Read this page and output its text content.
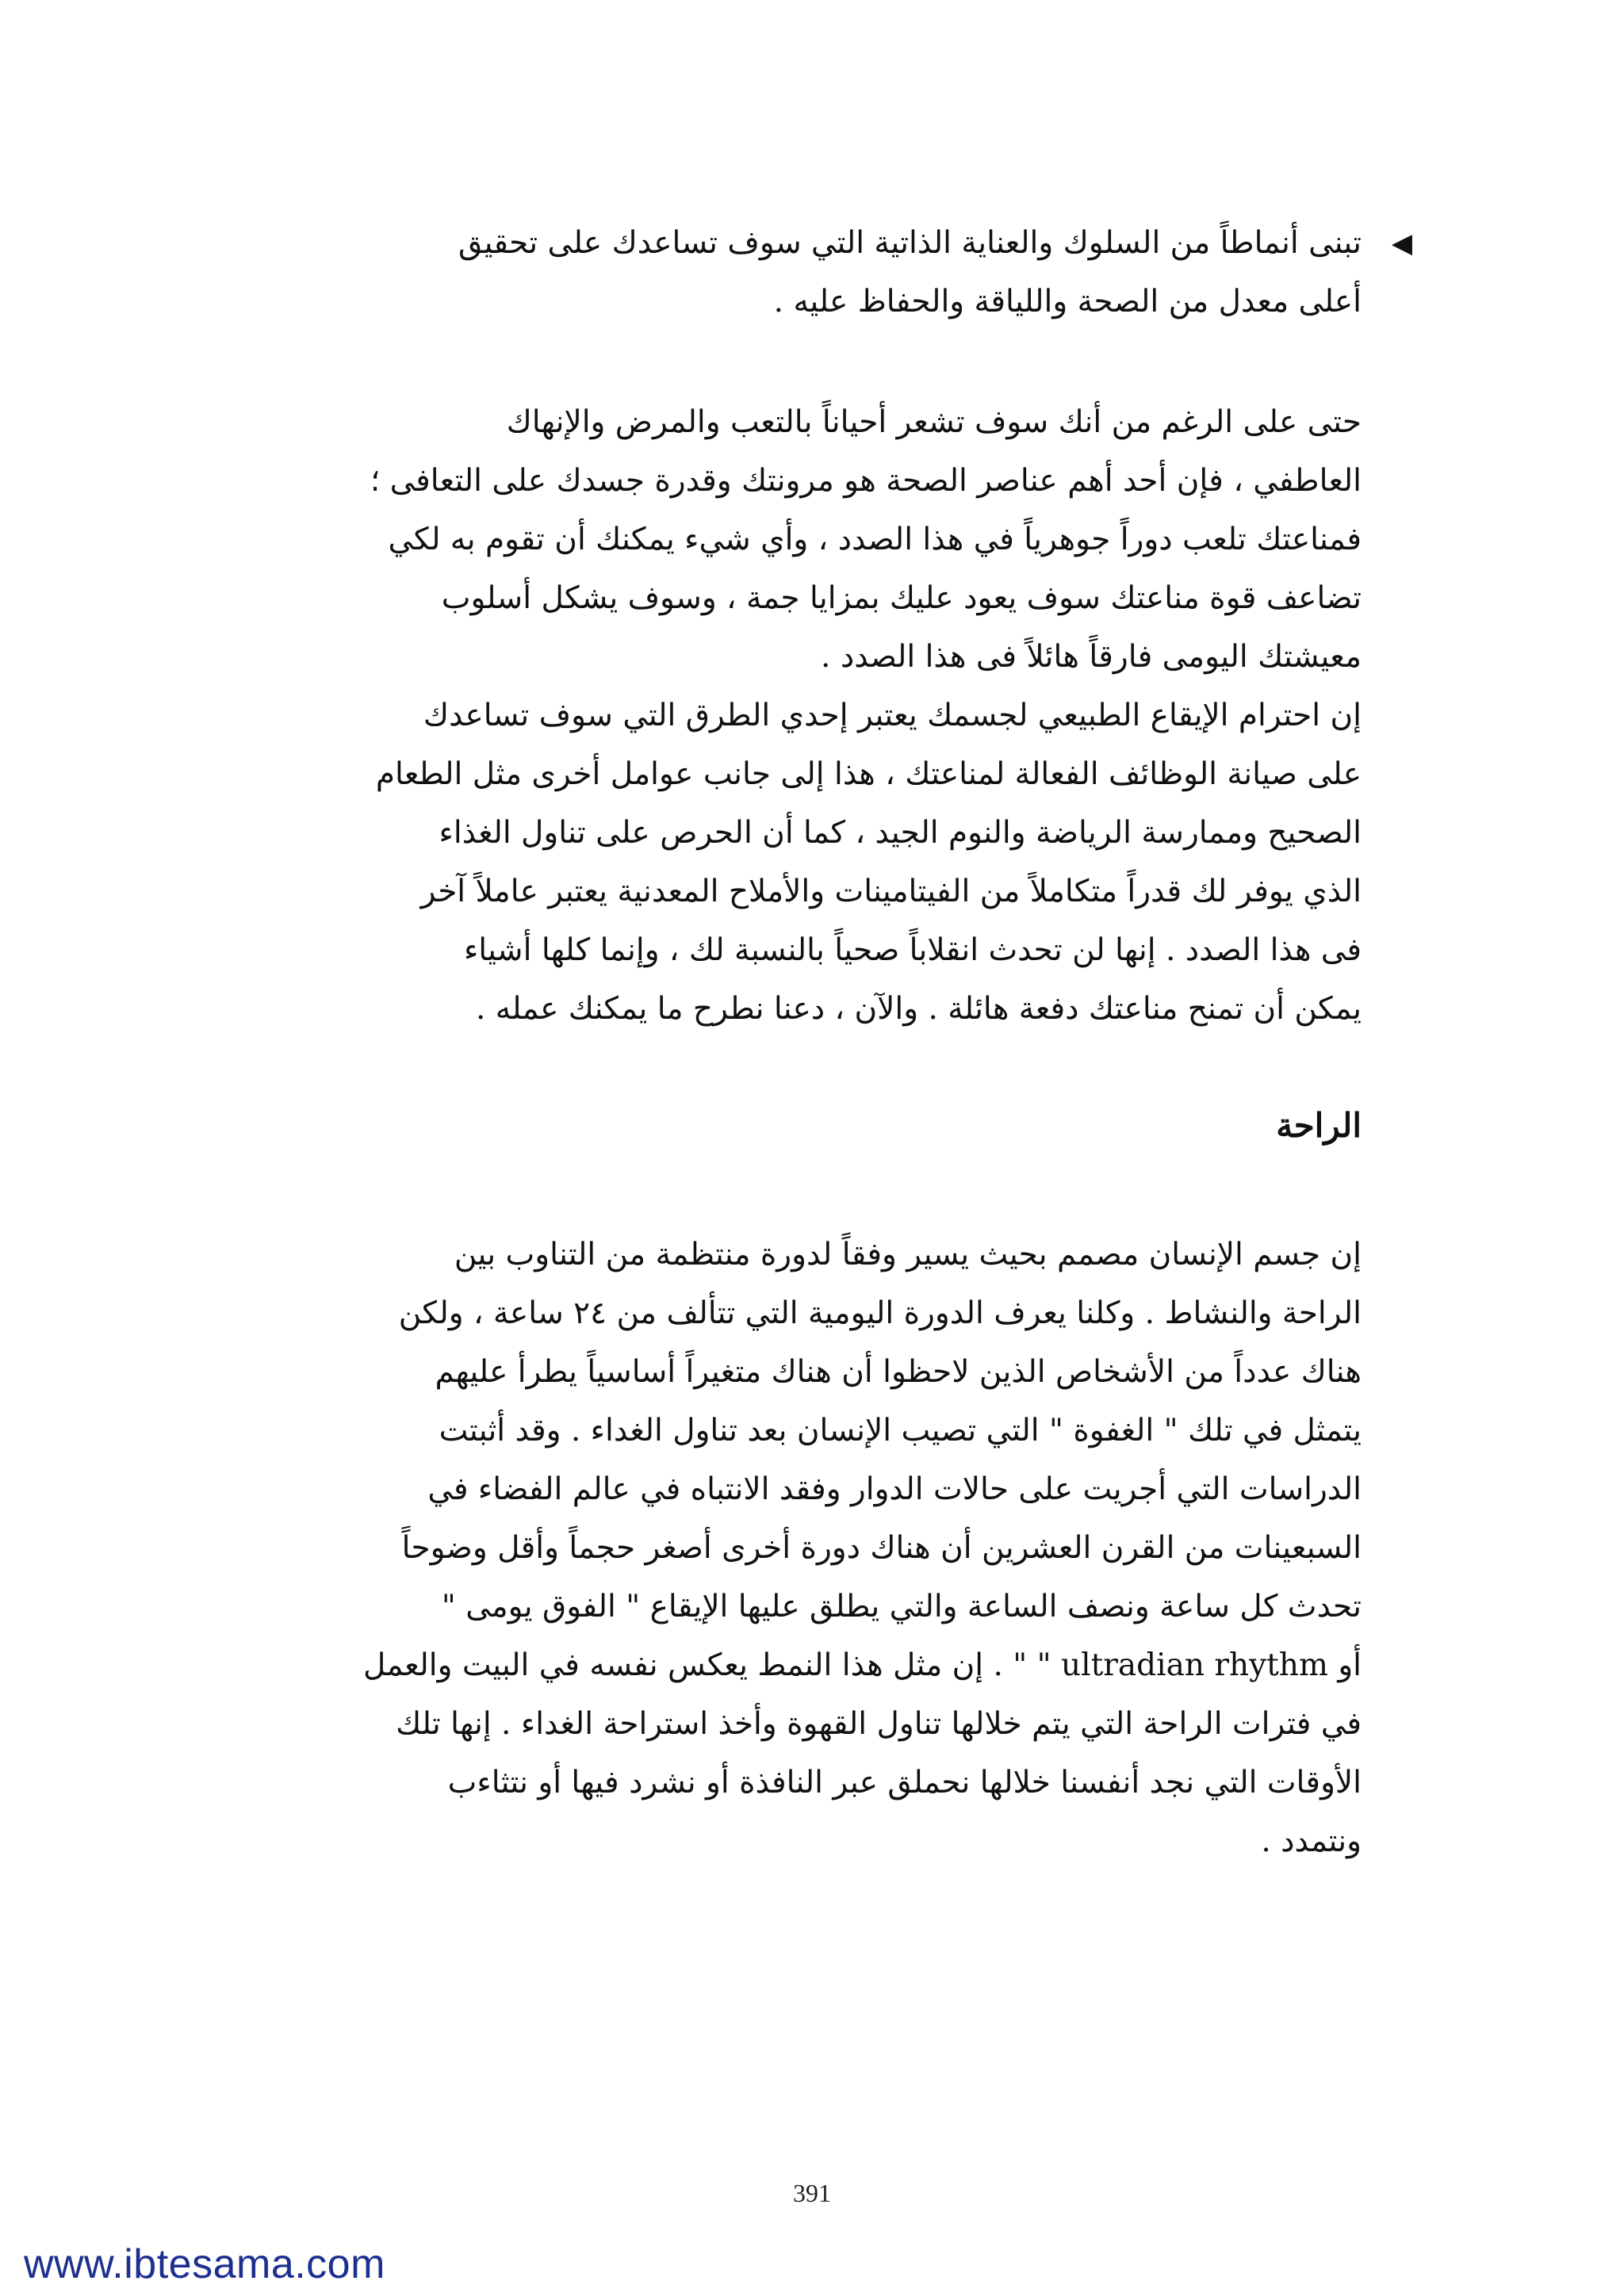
◀

تبنى أنماطاً من السلوك والعناية الذاتية التي سوف تساعدك على تحقيق

أعلى معدل من الصحة واللياقة والحفاظ عليه .

حتى على الرغم من أنك سوف تشعر أحياناً بالتعب والمرض والإنهاك

العاطفي ، فإن أحد أهم عناصر الصحة هو مرونتك وقدرة جسدك على التعافى ؛

فمناعتك تلعب دوراً جوهرياً في هذا الصدد ، وأي شيء يمكنك أن تقوم به لكي

تضاعف قوة مناعتك سوف يعود عليك بمزايا جمة ، وسوف يشكل أسلوب

معيشتك اليومى فارقاً هائلاً فى هذا الصدد .

إن احترام الإيقاع الطبيعي لجسمك يعتبر إحدي الطرق التي سوف تساعدك

على صيانة الوظائف الفعالة لمناعتك ، هذا إلى جانب عوامل أخرى مثل الطعام

الصحيح وممارسة الرياضة والنوم الجيد ، كما أن الحرص على تناول الغذاء

الذي يوفر لك قدراً متكاملاً من الفيتامينات والأملاح المعدنية يعتبر عاملاً آخر

فى هذا الصدد . إنها لن تحدث انقلاباً صحياً بالنسبة لك ، وإنما كلها أشياء

يمكن أن تمنح مناعتك دفعة هائلة . والآن ، دعنا نطرح ما يمكنك عمله .

الراحة

إن جسم الإنسان مصمم بحيث يسير وفقاً لدورة منتظمة من التناوب بين

الراحة والنشاط . وكلنا يعرف الدورة اليومية التي تتألف من ٢٤ ساعة ، ولكن

هناك عدداً من الأشخاص الذين لاحظوا أن هناك متغيراً أساسياً يطرأ عليهم

يتمثل في تلك " الغفوة " التي تصيب الإنسان بعد تناول الغداء . وقد أثبتت

الدراسات التي أجريت على حالات الدوار وفقد الانتباه في عالم الفضاء في

السبعينات من القرن العشرين أن هناك دورة أخرى أصغر حجماً وأقل وضوحاً

تحدث كل ساعة ونصف الساعة والتي يطلق عليها الإيقاع " الفوق يومى "

أو ‎" ultradian rhythm "‏ . إن مثل هذا النمط يعكس نفسه في البيت والعمل

في فترات الراحة التي يتم خلالها تناول القهوة وأخذ استراحة الغداء . إنها تلك

الأوقات التي نجد أنفسنا خلالها نحملق عبر النافذة أو نشرد فيها أو نتثاءب

ونتمدد .

391
www.ibtesama.com
